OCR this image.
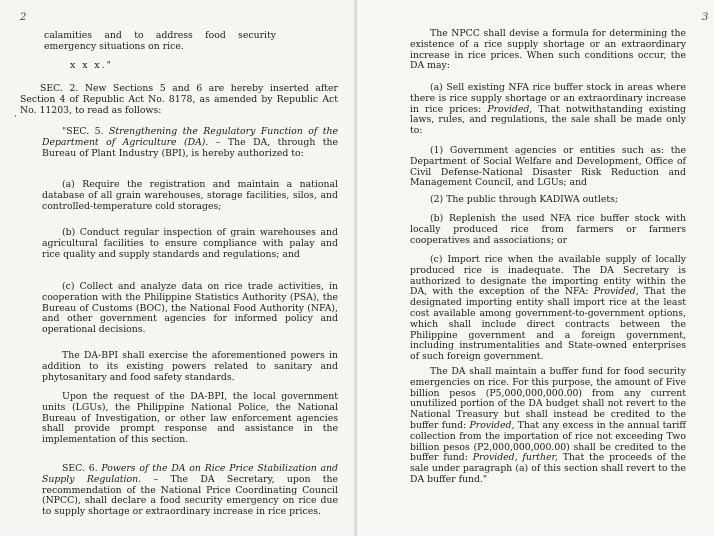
2
’

calamities and to address food security emergency situations on rice.

x x x."

SEC. 2. New Sections 5 and 6 are hereby inserted after Section 4 of Republic Act No. 8178, as amended by Republic Act No. 11203, to read as follows:

"SEC. 5. Strengthening the Regulatory Function of the Department of Agriculture (DA). – The DA, through the Bureau of Plant Industry (BPI), is hereby authorized to:

(a) Require the registration and maintain a national database of all grain warehouses, storage facilities, silos, and controlled-temperature cold storages;

(b) Conduct regular inspection of grain warehouses and agricultural facilities to ensure compliance with palay and rice quality and supply standards and regulations; and

(c) Collect and analyze data on rice trade activities, in cooperation with the Philippine Statistics Authority (PSA), the Bureau of Customs (BOC), the National Food Authority (NFA), and other government agencies for informed policy and operational decisions.

The DA-BPI shall exercise the aforementioned powers in addition to its existing powers related to sanitary and phytosanitary and food safety standards.

Upon the request of the DA-BPI, the local government units (LGUs), the Philippine National Police, the National Bureau of Investigation, or other law enforcement agencies shall provide prompt response and assistance in the implementation of this section.

SEC. 6. Powers of the DA on Rice Price Stabilization and Supply Regulation. – The DA Secretary, upon the recommendation of the National Price Coordinating Council (NPCC), shall declare a food security emergency on rice due to supply shortage or extraordinary increase in rice prices.

3

The NPCC shall devise a formula for determining the existence of a rice supply shortage or an extraordinary increase in rice prices. When such conditions occur, the DA may:

(a) Sell existing NFA rice buffer stock in areas where there is rice supply shortage or an extraordinary increase in rice prices: Provided, That notwithstanding existing laws, rules, and regulations, the sale shall be made only to:

(1) Government agencies or entities such as: the Department of Social Welfare and Development, Office of Civil Defense-National Disaster Risk Reduction and Management Council, and LGUs; and

(2) The public through KADIWA outlets;

(b) Replenish the used NFA rice buffer stock with locally produced rice from farmers or farmers cooperatives and associations; or

(c) Import rice when the available supply of locally produced rice is inadequate. The DA Secretary is authorized to designate the importing entity within the DA, with the exception of the NFA: Provided, That the designated importing entity shall import rice at the least cost available among government-to-government options, which shall include direct contracts between the Philippine government and a foreign government, including instrumentalities and State-owned enterprises of such foreign government.

The DA shall maintain a buffer fund for food security emergencies on rice. For this purpose, the amount of Five billion pesos (P5,000,000,000.00) from any current unutilized portion of the DA budget shall not revert to the National Treasury but shall instead be credited to the buffer fund: Provided, That any excess in the annual tariff collection from the importation of rice not exceeding Two billion pesos (P2,000,000,000.00) shall be credited to the buffer fund: Provided, further, That the proceeds of the sale under paragraph (a) of this section shall revert to the DA buffer fund."
